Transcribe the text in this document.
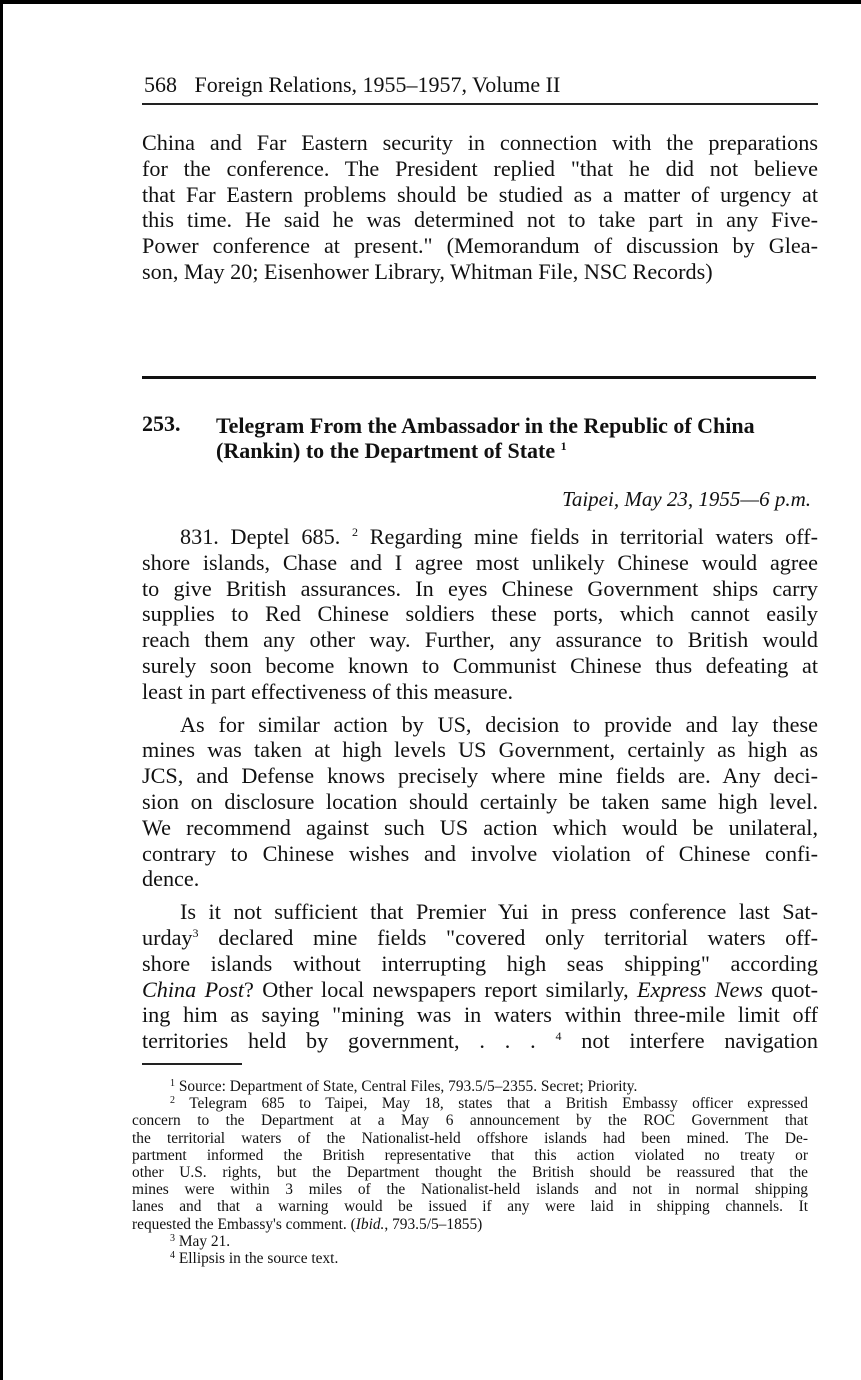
568 Foreign Relations, 1955–1957, Volume II
China and Far Eastern security in connection with the preparations
for the conference. The President replied "that he did not believe
that Far Eastern problems should be studied as a matter of urgency at
this time. He said he was determined not to take part in any Five-
Power conference at present." (Memorandum of discussion by Glea-
son, May 20; Eisenhower Library, Whitman File, NSC Records)
253. Telegram From the Ambassador in the Republic of China
(Rankin) to the Department of State $^1$
Taipei, May 23, 1955—6 p.m.
831. Deptel 685. $^2$ Regarding mine fields in territorial waters off-
shore islands, Chase and I agree most unlikely Chinese would agree
to give British assurances. In eyes Chinese Government ships carry
supplies to Red Chinese soldiers these ports, which cannot easily
reach them any other way. Further, any assurance to British would
surely soon become known to Communist Chinese thus defeating at
least in part effectiveness of this measure.
As for similar action by US, decision to provide and lay these
mines was taken at high levels US Government, certainly as high as
JCS, and Defense knows precisely where mine fields are. Any deci-
sion on disclosure location should certainly be taken same high level.
We recommend against such US action which would be unilateral,
contrary to Chinese wishes and involve violation of Chinese confi-
dence.
Is it not sufficient that Premier Yui in press conference last Sat-
urday$^3$ declared mine fields "covered only territorial waters off-
shore islands without interrupting high seas shipping" according
China Post? Other local newspapers report similarly, Express News quot-
ing him as saying "mining was in waters within three-mile limit off
territories held by government, . . . $^4$ not interfere navigation
$^1$ Source: Department of State, Central Files, 793.5/5–2355. Secret; Priority.
$^2$ Telegram 685 to Taipei, May 18, states that a British Embassy officer expressed
concern to the Department at a May 6 announcement by the ROC Government that
the territorial waters of the Nationalist-held offshore islands had been mined. The De-
partment informed the British representative that this action violated no treaty or
other U.S. rights, but the Department thought the British should be reassured that the
mines were within 3 miles of the Nationalist-held islands and not in normal shipping
lanes and that a warning would be issued if any were laid in shipping channels. It
requested the Embassy's comment. (Ibid., 793.5/5–1855)
$^3$ May 21.
$^4$ Ellipsis in the source text.
